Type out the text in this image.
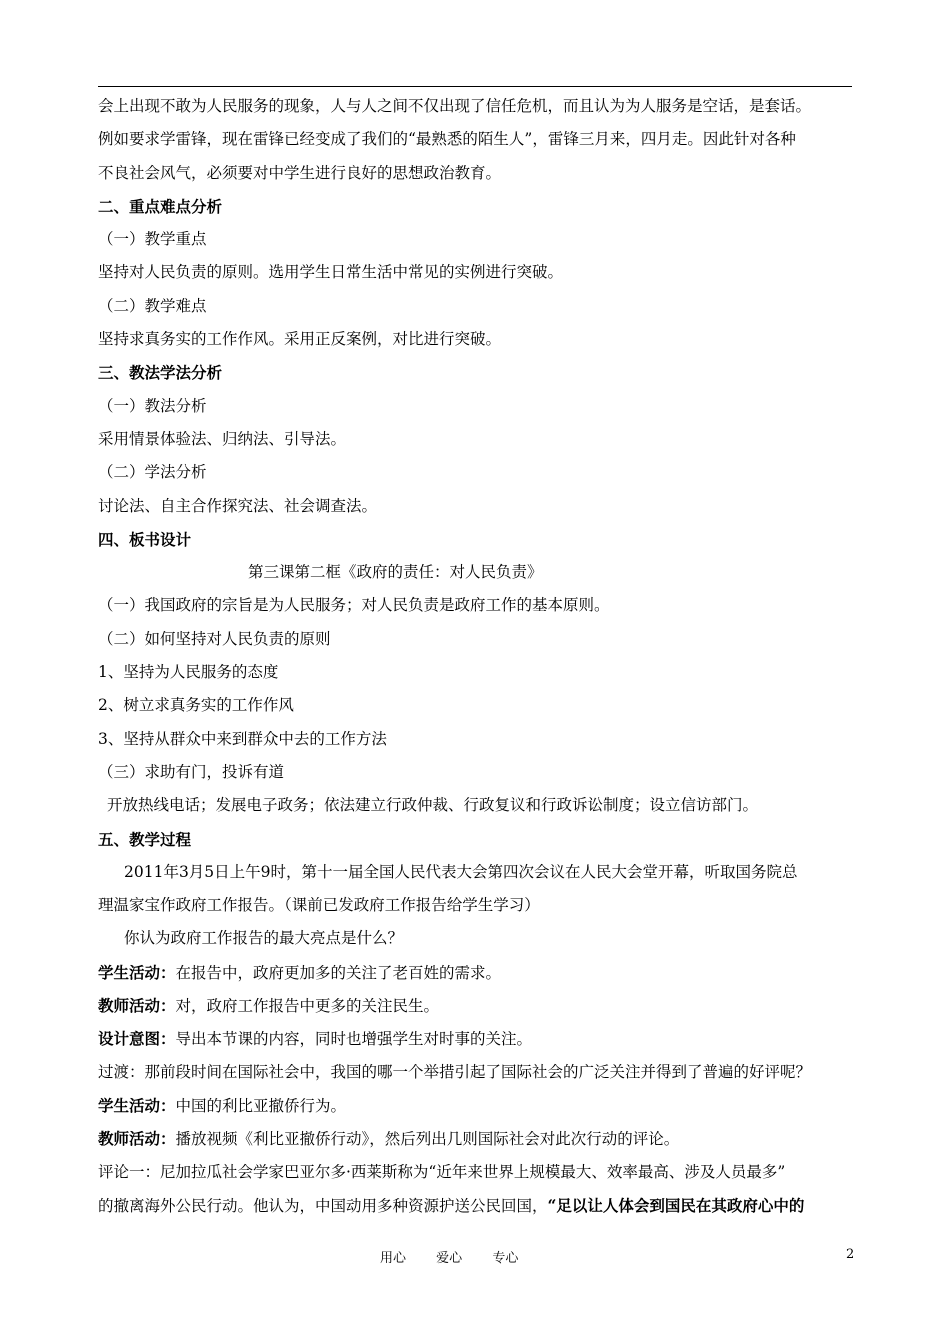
会上出现不敢为人民服务的现象，人与人之间不仅出现了信任危机，而且认为为人服务是空话，是套话。
例如要求学雷锋，现在雷锋已经变成了我们的“最熟悉的陌生人”，雷锋三月来，四月走。因此针对各种
不良社会风气，必须要对中学生进行良好的思想政治教育。
二、重点难点分析
（一）教学重点
坚持对人民负责的原则。选用学生日常生活中常见的实例进行突破。
（二）教学难点
坚持求真务实的工作作风。采用正反案例，对比进行突破。
三、教法学法分析
（一）教法分析
采用情景体验法、归纳法、引导法。
（二）学法分析
讨论法、自主合作探究法、社会调查法。
四、板书设计
第三课第二框《政府的责任：对人民负责》
（一）我国政府的宗旨是为人民服务；对人民负责是政府工作的基本原则。
（二）如何坚持对人民负责的原则
1、坚持为人民服务的态度
2、树立求真务实的工作作风
3、坚持从群众中来到群众中去的工作方法
（三）求助有门，投诉有道
开放热线电话；发展电子政务；依法建立行政仲裁、行政复议和行政诉讼制度；设立信访部门。
五、教学过程
2011年3月5日上午9时，第十一届全国人民代表大会第四次会议在人民大会堂开幕，听取国务院总
理温家宝作政府工作报告。（课前已发政府工作报告给学生学习）
你认为政府工作报告的最大亮点是什么？
学生活动：在报告中，政府更加多的关注了老百姓的需求。
教师活动：对，政府工作报告中更多的关注民生。
设计意图：导出本节课的内容，同时也增强学生对时事的关注。
过渡：那前段时间在国际社会中，我国的哪一个举措引起了国际社会的广泛关注并得到了普遍的好评呢？
学生活动：中国的利比亚撤侨行为。
教师活动：播放视频《利比亚撤侨行动》，然后列出几则国际社会对此次行动的评论。
评论一：尼加拉瓜社会学家巴亚尔多·西莱斯称为“近年来世界上规模最大、效率最高、涉及人员最多”
的撤离海外公民行动。他认为，中国动用多种资源护送公民回国，“足以让人体会到国民在其政府心中的
用心 爱心 专心	2
